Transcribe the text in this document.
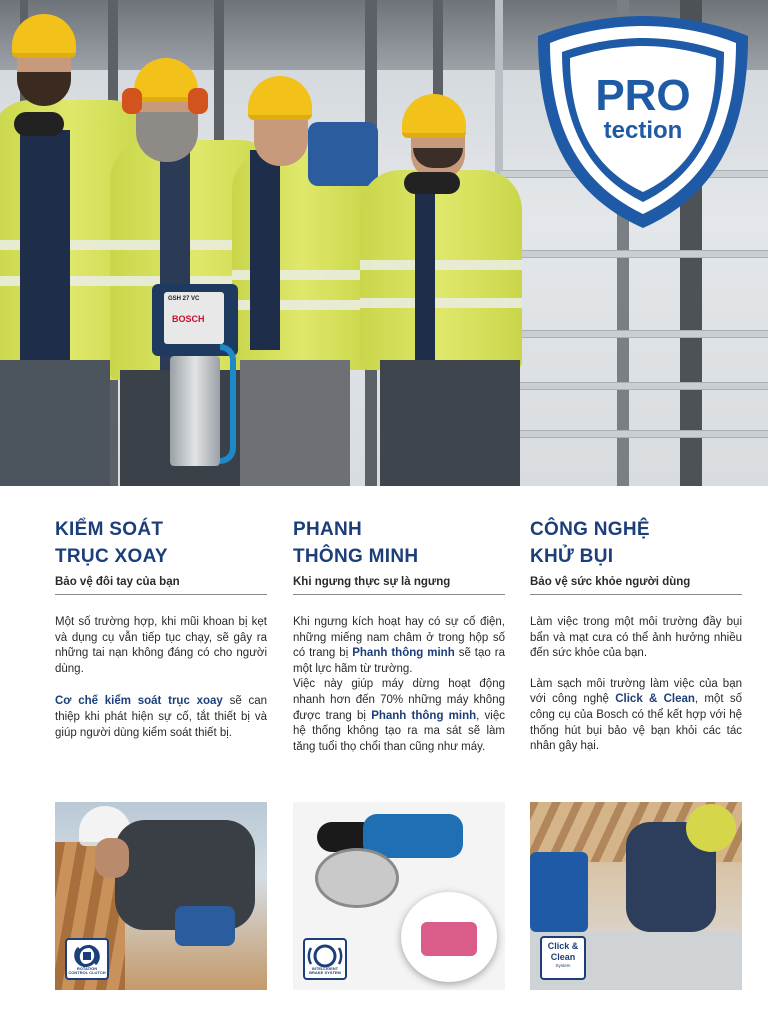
GSH 27 VC
BOSCH
PRO
tection
KIỂM SOÁT
TRỤC XOAY
Bảo vệ đôi tay của bạn

Một số trường hợp, khi mũi khoan bị kẹt và dụng cụ vẫn tiếp tục chạy, sẽ gây ra những tai nạn không đáng có cho người dùng.

Cơ chế kiểm soát trục xoay sẽ can thiệp khi phát hiện sự cố, tắt thiết bị và giúp người dùng kiểm soát thiết bị.

PHANH
THÔNG MINH
Khi ngưng thực sự là ngưng

Khi ngưng kích hoạt hay có sự cố điện, những miếng nam châm ở trong hộp số có trang bị Phanh thông minh sẽ tạo ra một lực hãm từ trường.

Việc này giúp máy dừng hoạt động nhanh hơn đến 70% những máy không được trang bị Phanh thông minh, việc hệ thống không tạo ra ma sát sẽ làm tăng tuổi thọ chổi than cũng như máy.

CÔNG NGHỆ
KHỬ BỤI
Bảo vệ sức khỏe người dùng

Làm việc trong một môi trường đầy bụi bẩn và mạt cưa có thể ảnh hưởng nhiều đến sức khỏe của bạn.

Làm sạch môi trường làm việc của bạn với công nghệ Click & Clean, một số công cụ của Bosch có thể kết hợp với hệ thống hút bụi bảo vệ bạn khỏi các tác nhân gây hại.

ROTATION CONTROL CLUTCH
INTELLIGENT BRAKE SYSTEM
Click &
Clean
System
